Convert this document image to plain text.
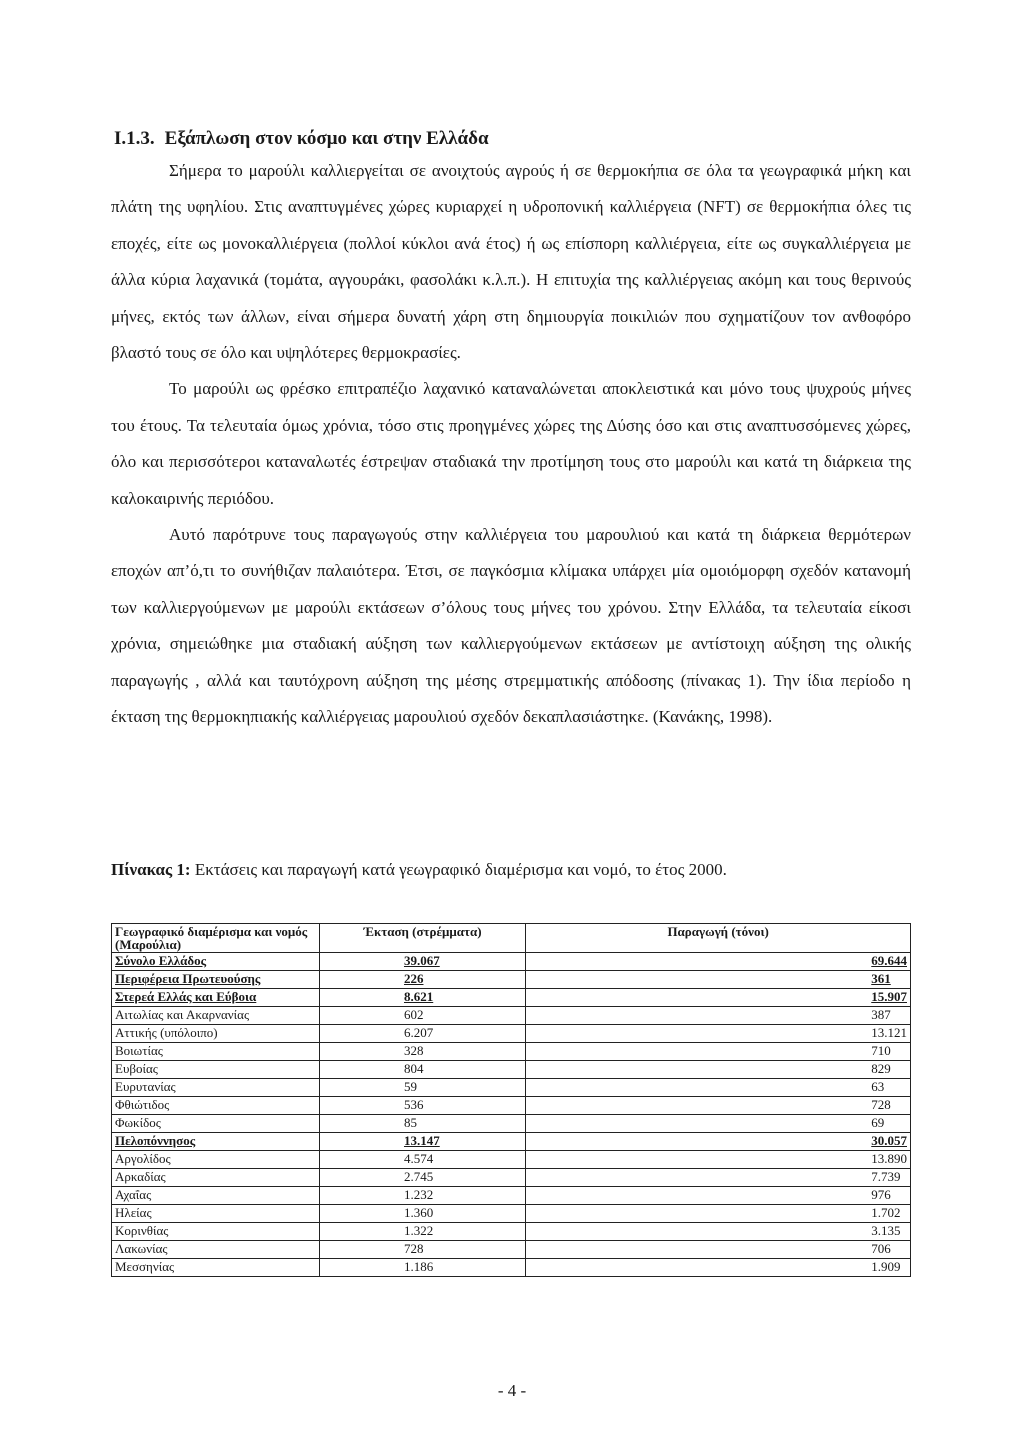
I.1.3. Εξάπλωση στον κόσμο και στην Ελλάδα

Σήμερα το μαρούλι καλλιεργείται σε ανοιχτούς αγρούς ή σε θερμοκήπια σε όλα τα γεωγραφικά μήκη και πλάτη της υφηλίου. Στις αναπτυγμένες χώρες κυριαρχεί η υδροπονική καλλιέργεια (NFT) σε θερμοκήπια όλες τις εποχές, είτε ως μονοκαλλιέργεια (πολλοί κύκλοι ανά έτος) ή ως επίσπορη καλλιέργεια, είτε ως συγκαλλιέργεια με άλλα κύρια λαχανικά (τομάτα, αγγουράκι, φασολάκι κ.λ.π.). Η επιτυχία της καλλιέργειας ακόμη και τους θερινούς μήνες, εκτός των άλλων, είναι σήμερα δυνατή χάρη στη δημιουργία ποικιλιών που σχηματίζουν τον ανθοφόρο βλαστό τους σε όλο και υψηλότερες θερμοκρασίες.

Το μαρούλι ως φρέσκο επιτραπέζιο λαχανικό καταναλώνεται αποκλειστικά και μόνο τους ψυχρούς μήνες του έτους. Τα τελευταία όμως χρόνια, τόσο στις προηγμένες χώρες της Δύσης όσο και στις αναπτυσσόμενες χώρες, όλο και περισσότεροι καταναλωτές έστρεψαν σταδιακά την προτίμηση τους στο μαρούλι και κατά τη διάρκεια της καλοκαιρινής περιόδου.

Αυτό παρότρυνε τους παραγωγούς στην καλλιέργεια του μαρουλιού και κατά τη διάρκεια θερμότερων εποχών απ’ό,τι το συνήθιζαν παλαιότερα. Έτσι, σε παγκόσμια κλίμακα υπάρχει μία ομοιόμορφη σχεδόν κατανομή των καλλιεργούμενων με μαρούλι εκτάσεων σ’όλους τους μήνες του χρόνου. Στην Ελλάδα, τα τελευταία είκοσι χρόνια, σημειώθηκε μια σταδιακή αύξηση των καλλιεργούμενων εκτάσεων με αντίστοιχη αύξηση της ολικής παραγωγής , αλλά και ταυτόχρονη αύξηση της μέσης στρεμματικής απόδοσης (πίνακας 1). Την ίδια περίοδο η έκταση της θερμοκηπιακής καλλιέργειας μαρουλιού σχεδόν δεκαπλασιάστηκε. (Κανάκης, 1998).

Πίνακας 1: Εκτάσεις και παραγωγή κατά γεωγραφικό διαμέρισμα και νομό, το έτος 2000.
Γεωγραφικό διαμέρισμα και νομός (Μαρούλια)	Έκταση (στρέμματα)	Παραγωγή (τόνοι)
Σύνολο Ελλάδος	39.067	69.644
Περιφέρεια Πρωτευούσης	226	361
Στερεά Ελλάς και Εύβοια	8.621	15.907
Αιτωλίας και Ακαρνανίας	602	387
Αττικής (υπόλοιπο)	6.207	13.121
Βοιωτίας	328	710
Ευβοίας	804	829
Ευρυτανίας	59	63
Φθιώτιδος	536	728
Φωκίδος	85	69
Πελοπόννησος	13.147	30.057
Αργολίδος	4.574	13.890
Αρκαδίας	2.745	7.739
Αχαΐας	1.232	976
Ηλείας	1.360	1.702
Κορινθίας	1.322	3.135
Λακωνίας	728	706
Μεσσηνίας	1.186	1.909
- 4 -
